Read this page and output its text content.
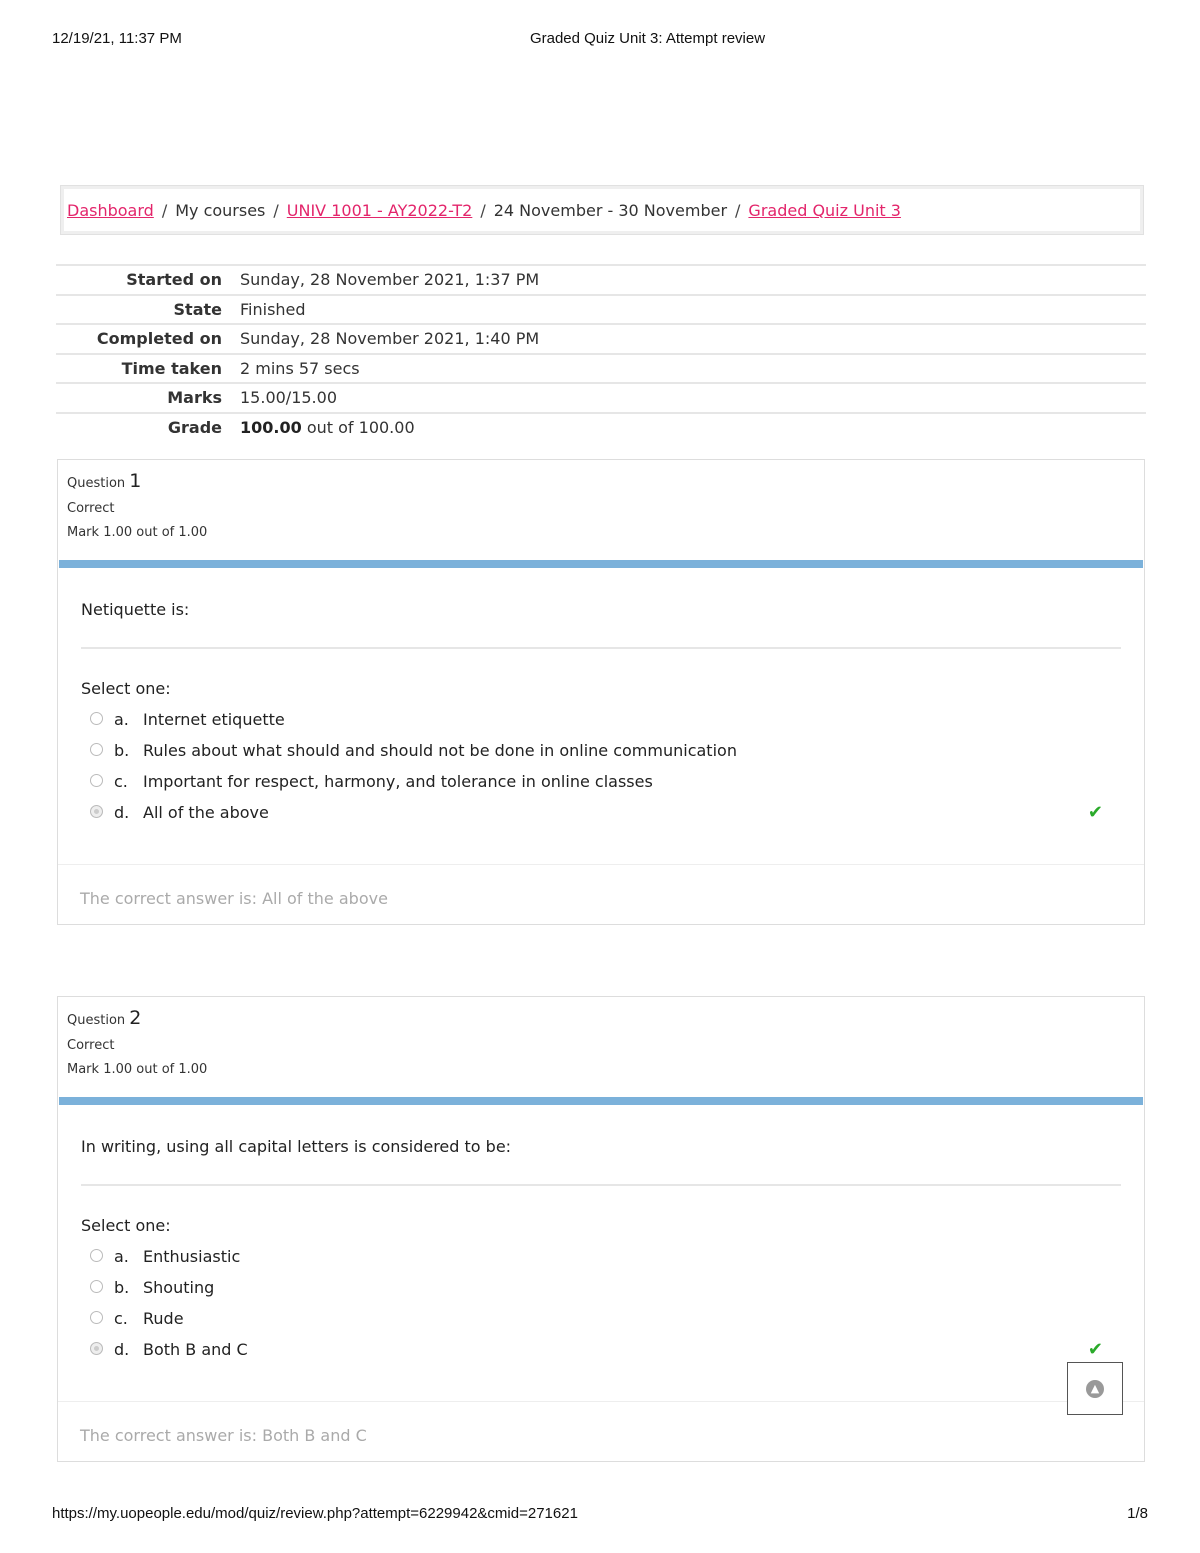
12/19/21, 11:37 PM	Graded Quiz Unit 3: Attempt review
Dashboard / My courses / UNIV 1001 - AY2022-T2 / 24 November - 30 November / Graded Quiz Unit 3
Started on	Sunday, 28 November 2021, 1:37 PM
State	Finished
Completed on	Sunday, 28 November 2021, 1:40 PM
Time taken	2 mins 57 secs
Marks	15.00/15.00
Grade	100.00 out of 100.00
Question 1
Correct
Mark 1.00 out of 1.00
Netiquette is:
Select one:
a. Internet etiquette
b. Rules about what should and should not be done in online communication
c. Important for respect, harmony, and tolerance in online classes
d. All of the above	✔
The correct answer is: All of the above
Question 2
Correct
Mark 1.00 out of 1.00
In writing, using all capital letters is considered to be:
Select one:
a. Enthusiastic
b. Shouting
c. Rude
d. Both B and C	✔
The correct answer is: Both B and C
▲
https://my.uopeople.edu/mod/quiz/review.php?attempt=6229942&cmid=271621	1/8
